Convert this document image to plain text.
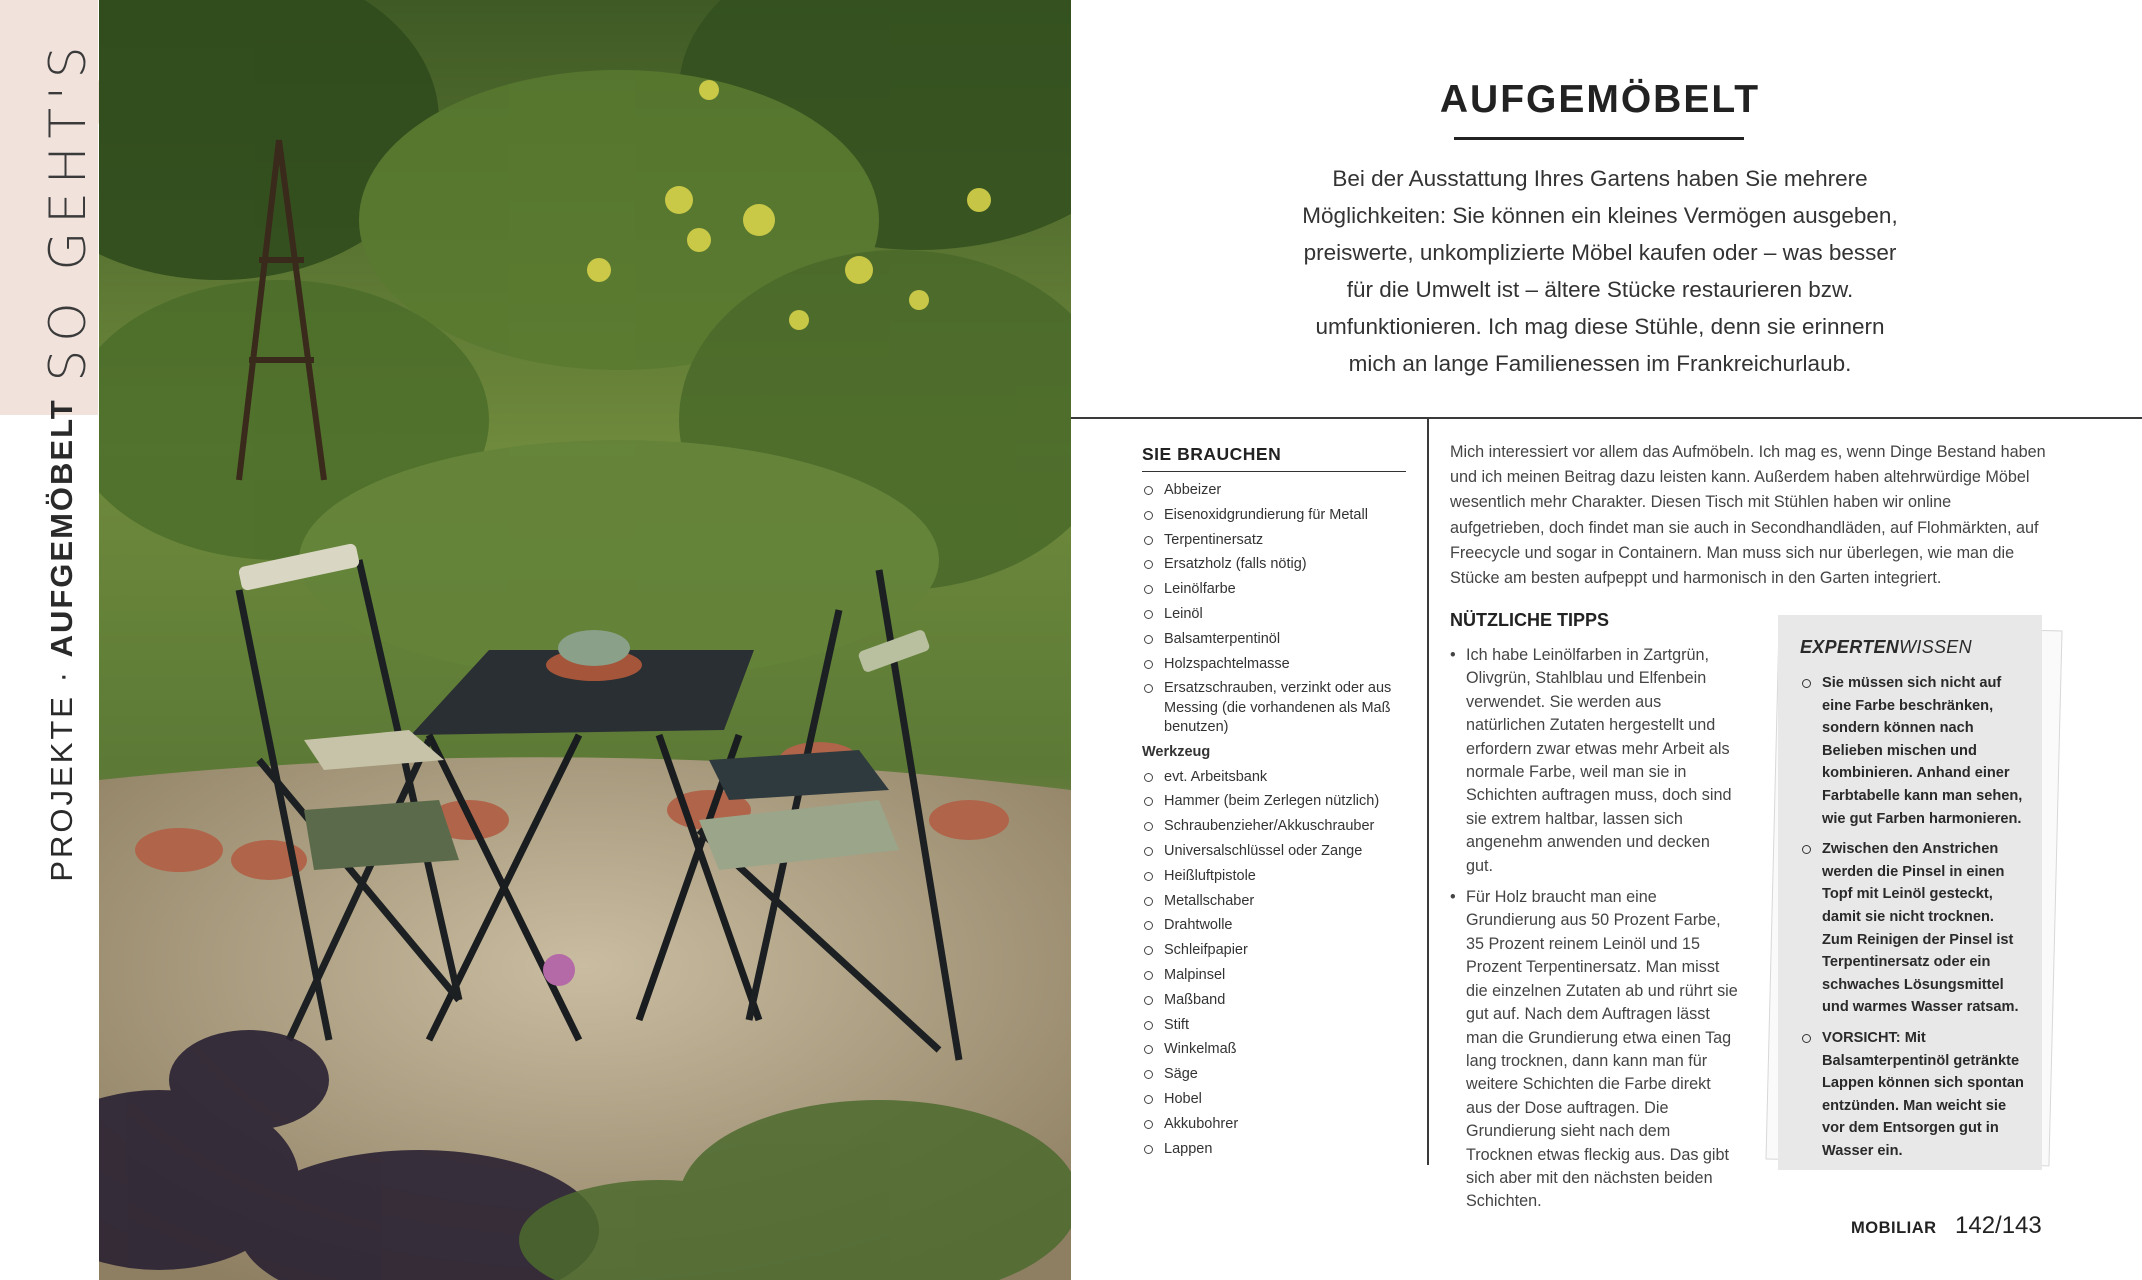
SO GEHT'S
PROJEKTE · AUFGEMÖBELT
AUFGEMÖBELT

Bei der Ausstattung Ihres Gartens haben Sie mehrere Möglichkeiten: Sie können ein kleines Vermögen ausgeben, preiswerte, unkomplizierte Möbel kaufen oder – was besser für die Umwelt ist – ältere Stücke restaurieren bzw. umfunktionieren. Ich mag diese Stühle, denn sie erinnern mich an lange Familienessen im Frankreichurlaub.

SIE BRAUCHEN
Abbeizer
Eisenoxidgrundierung für Metall
Terpentinersatz
Ersatzholz (falls nötig)
Leinölfarbe
Leinöl
Balsamterpentinöl
Holzspachtelmasse
Ersatzschrauben, verzinkt oder aus Messing (die vorhandenen als Maß benutzen)
Werkzeug
evt. Arbeitsbank
Hammer (beim Zerlegen nützlich)
Schraubenzieher/Akkuschrauber
Universalschlüssel oder Zange
Heißluftpistole
Metallschaber
Drahtwolle
Schleifpapier
Malpinsel
Maßband
Stift
Winkelmaß
Säge
Hobel
Akkubohrer
Lappen

Mich interessiert vor allem das Aufmöbeln. Ich mag es, wenn Dinge Bestand haben und ich meinen Beitrag dazu leisten kann. Außerdem haben altehrwürdige Möbel wesentlich mehr Charakter. Diesen Tisch mit Stühlen haben wir online aufgetrieben, doch findet man sie auch in Secondhandläden, auf Flohmärkten, auf Freecycle und sogar in Containern. Man muss sich nur überlegen, wie man die Stücke am besten aufpeppt und harmonisch in den Garten integriert.

NÜTZLICHE TIPPS
• Ich habe Leinölfarben in Zartgrün, Olivgrün, Stahlblau und Elfenbein verwendet. Sie werden aus natürlichen Zutaten hergestellt und erfordern zwar etwas mehr Arbeit als normale Farbe, weil man sie in Schichten auftragen muss, doch sind sie extrem haltbar, lassen sich angenehm anwenden und decken gut.
• Für Holz braucht man eine Grundierung aus 50 Prozent Farbe, 35 Prozent reinem Leinöl und 15 Prozent Terpentinersatz. Man misst die einzelnen Zutaten ab und rührt sie gut auf. Nach dem Auftragen lässt man die Grundierung etwa einen Tag lang trocknen, dann kann man für weitere Schichten die Farbe direkt aus der Dose auftragen. Die Grundierung sieht nach dem Trocknen etwas fleckig aus. Das gibt sich aber mit den nächsten beiden Schichten.
EXPERTENWISSEN
Sie müssen sich nicht auf eine Farbe beschränken, sondern können nach Belieben mischen und kombinieren. Anhand einer Farbtabelle kann man sehen, wie gut Farben harmonieren.
Zwischen den Anstrichen werden die Pinsel in einen Topf mit Leinöl gesteckt, damit sie nicht trocknen. Zum Reinigen der Pinsel ist Terpentinersatz oder ein schwaches Lösungsmittel und warmes Wasser ratsam.
VORSICHT: Mit Balsamterpentinöl getränkte Lappen können sich spontan entzünden. Man weicht sie vor dem Entsorgen gut in Wasser ein.
MOBILIAR 142/143
